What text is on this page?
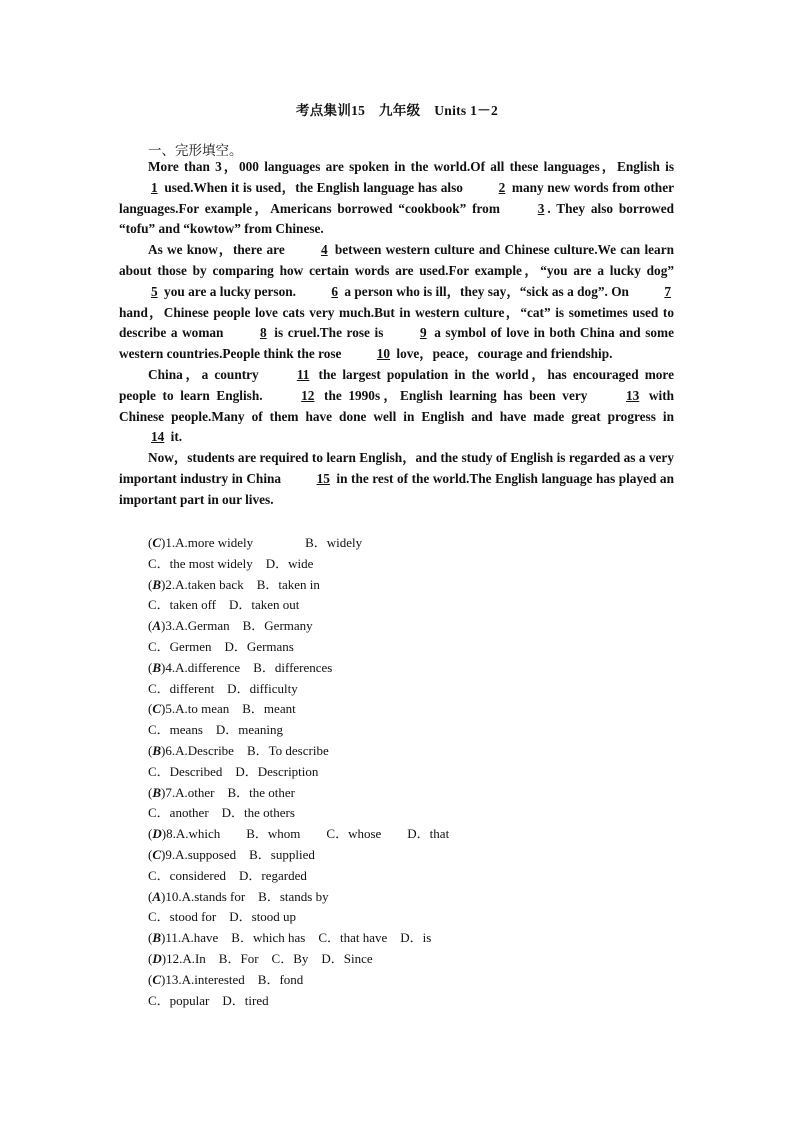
考点集训15　九年级　Units 1－2
一、完形填空。

More than 3，000 languages are spoken in the world.Of all these languages，English is 1 used.When it is used，the English language has also 2 many new words from other languages.For example，Americans borrowed “cookbook” from 3 . They also borrowed “tofu” and “kowtow” from Chinese.

As we know，there are 4 between western culture and Chinese culture.We can learn about those by comparing how certain words are used.For example，“you are a lucky dog” 5 you are a lucky person. 6 a person who is ill，they say，“sick as a dog”. On 7 hand，Chinese people love cats very much.But in western culture，“cat” is sometimes used to describe a woman 8 is cruel.The rose is 9 a symbol of love in both China and some western countries.People think the rose 10 love，peace，courage and friendship.

China，a country 11 the largest population in the world，has encouraged more people to learn English. 12 the 1990s，English learning has been very 13 with Chinese people.Many of them have done well in English and have made great progress in 14 it.

Now，students are required to learn English，and the study of English is regarded as a very important industry in China 15 in the rest of the world.The English language has played an important part in our lives.

(C)1.A.more widely　　　　B．widely
C．the most widely　D．wide
(B)2.A.taken back　B．taken in
C．taken off　D．taken out
(A)3.A.German　B．Germany
C．Germen　D．Germans
(B)4.A.difference　B．differences
C．different　D．difficulty
(C)5.A.to mean　B．meant
C．means　D．meaning
(B)6.A.Describe　B．To describe
C．Described　D．Description
(B)7.A.other　B．the other
C．another　D．the others
(D)8.A.which　　B．whom　　C．whose　　D．that
(C)9.A.supposed　B．supplied
C．considered　D．regarded
(A)10.A.stands for　B．stands by
C．stood for　D．stood up
(B)11.A.have　B．which has　C．that have　D．is
(D)12.A.In　B．For　C．By　D．Since
(C)13.A.interested　B．fond
C．popular　D．tired
